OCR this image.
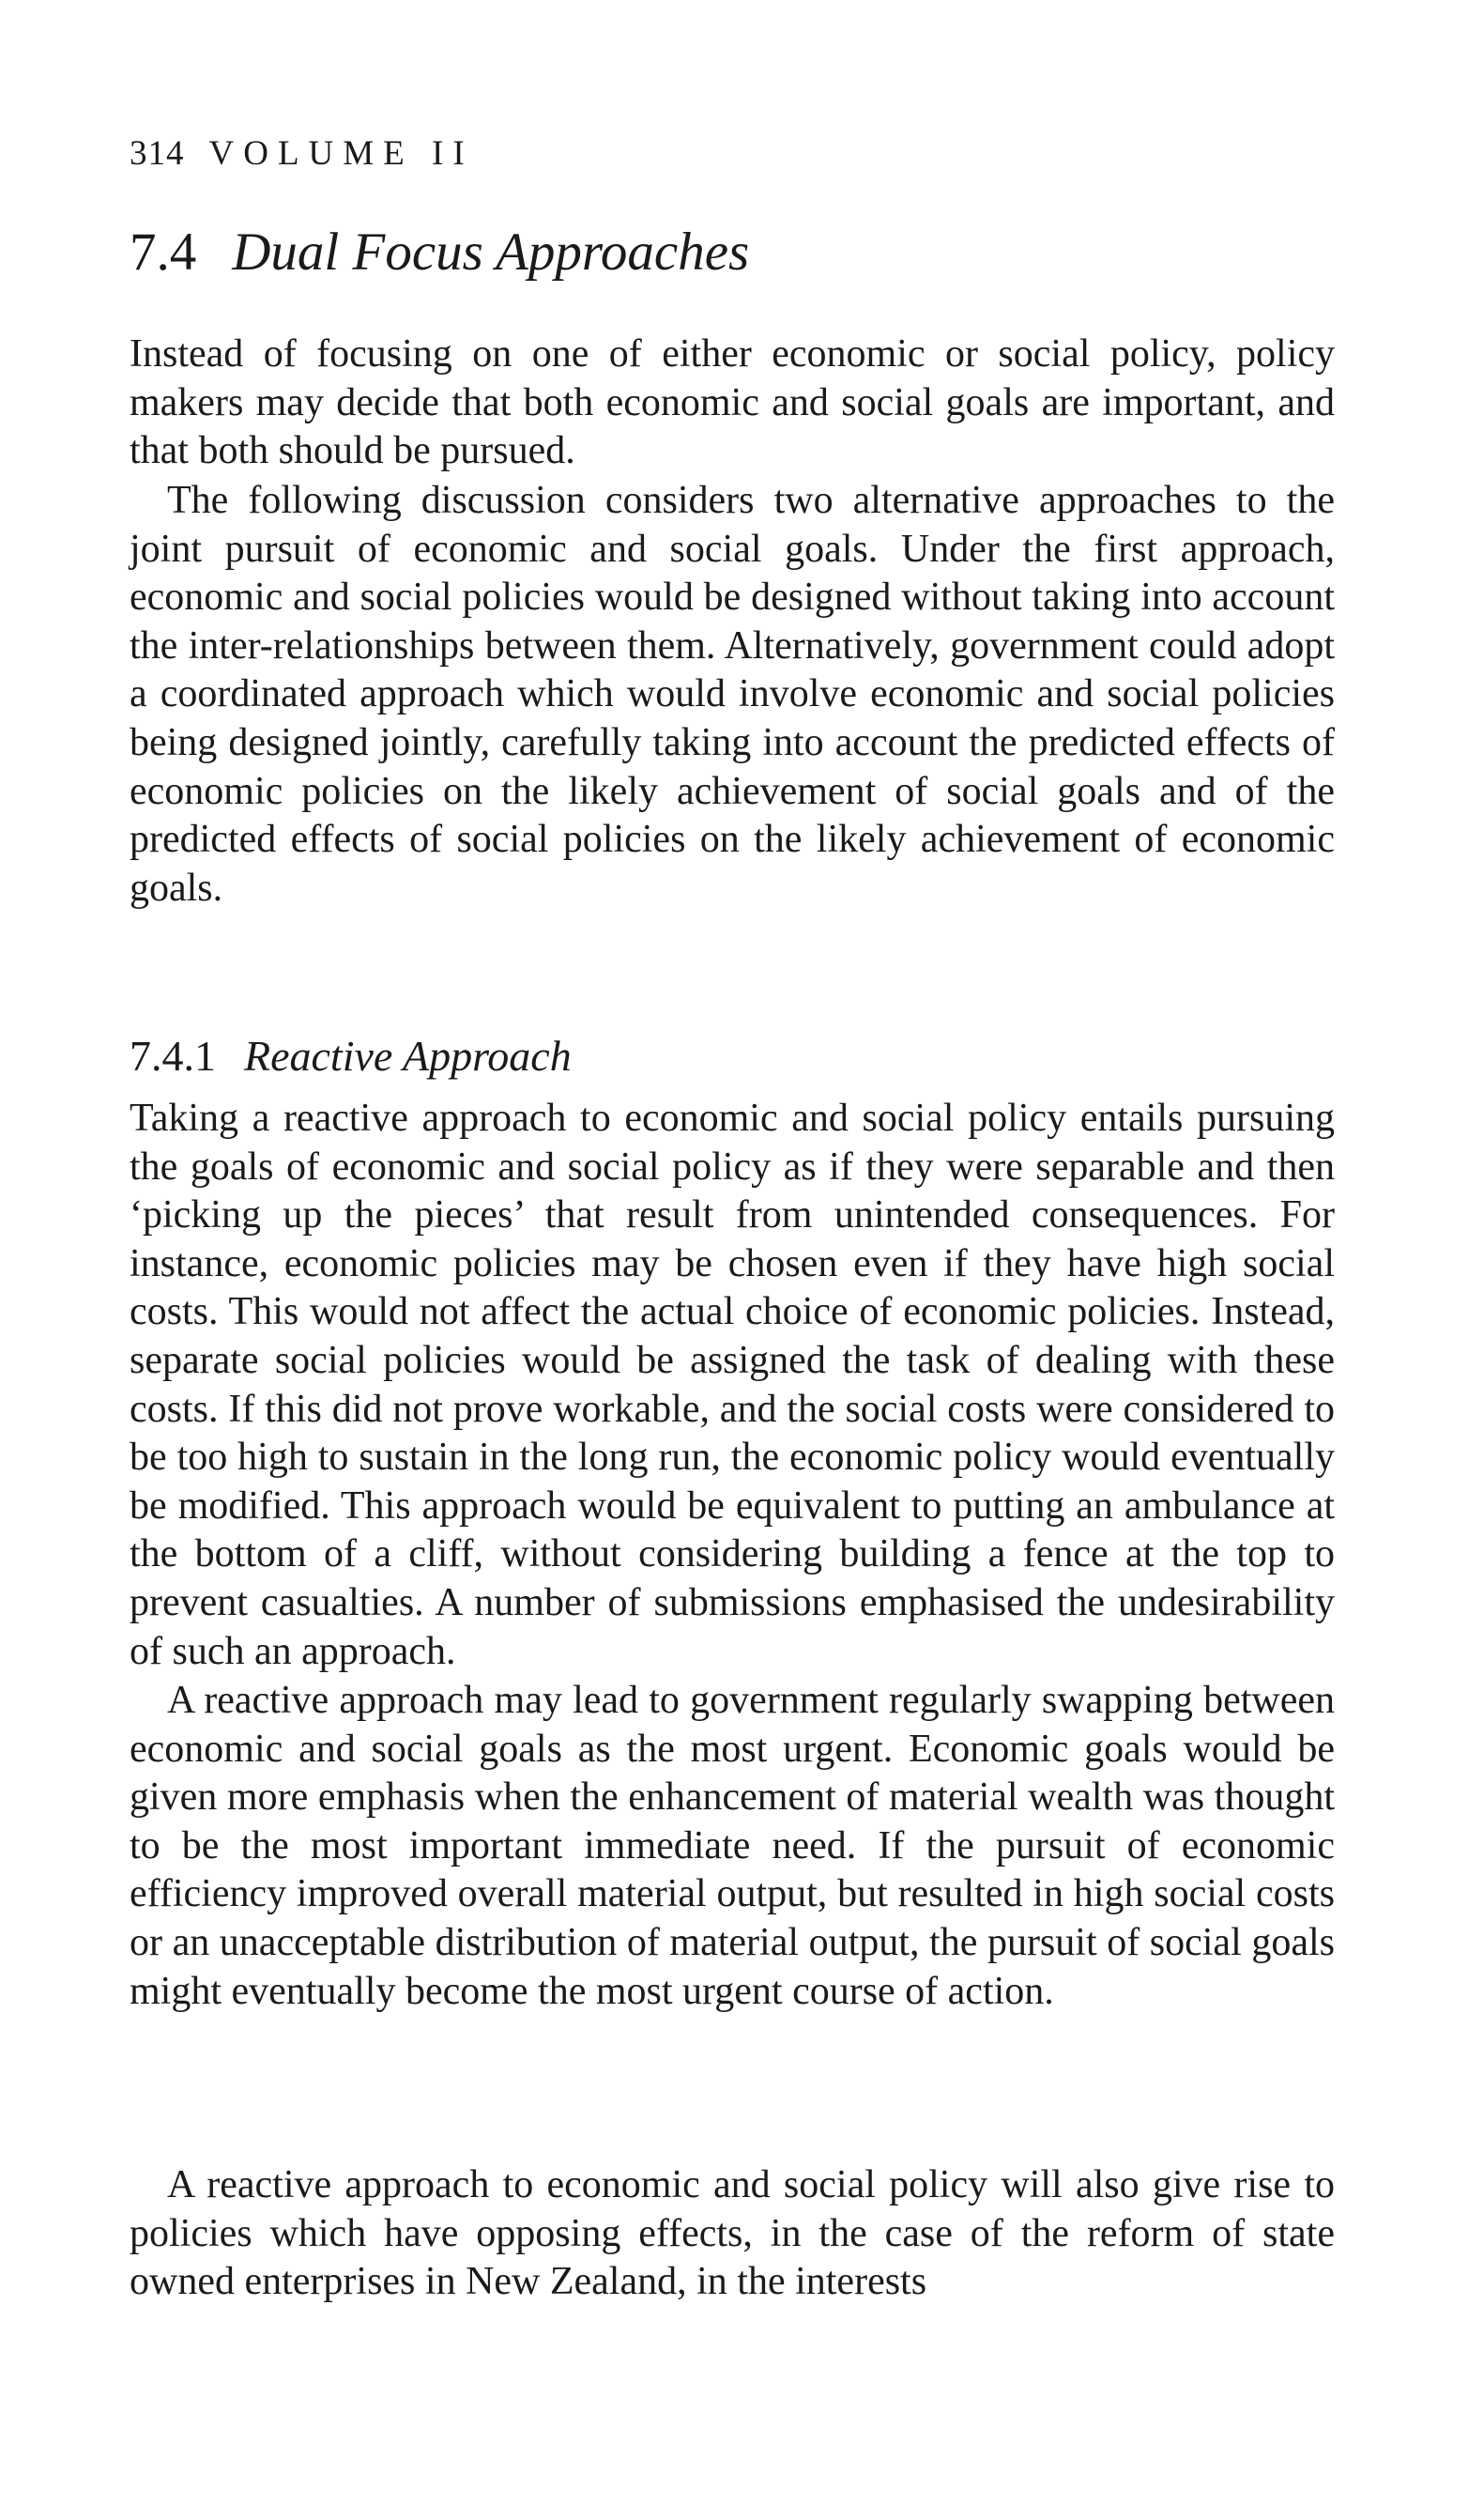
314 VOLUME II
7.4 Dual Focus Approaches

Instead of focusing on one of either economic or social policy, policy makers may decide that both economic and social goals are important, and that both should be pursued.

The following discussion considers two alternative approaches to the joint pursuit of economic and social goals. Under the first approach, economic and social policies would be designed without taking into account the inter-relationships between them. Alternatively, government could adopt a coordinated approach which would involve economic and social policies being designed jointly, carefully taking into account the predicted effects of economic policies on the likely achievement of social goals and of the predicted effects of social policies on the likely achievement of economic goals.

7.4.1 Reactive Approach

Taking a reactive approach to economic and social policy entails pursuing the goals of economic and social policy as if they were separable and then ‘picking up the pieces’ that result from unintended consequences. For instance, economic policies may be chosen even if they have high social costs. This would not affect the actual choice of economic policies. Instead, separate social policies would be assigned the task of dealing with these costs. If this did not prove workable, and the social costs were considered to be too high to sustain in the long run, the economic policy would eventually be modified. This approach would be equivalent to putting an ambulance at the bottom of a cliff, without considering building a fence at the top to prevent casualties. A number of submissions emphasised the undesirability of such an approach.

A reactive approach may lead to government regularly swapping between economic and social goals as the most urgent. Economic goals would be given more emphasis when the enhancement of material wealth was thought to be the most important immediate need. If the pursuit of economic efficiency improved overall material output, but resulted in high social costs or an unacceptable distribution of material output, the pursuit of social goals might eventually become the most urgent course of action.

A reactive approach to economic and social policy will also give rise to policies which have opposing effects, in the case of the reform of state owned enterprises in New Zealand, in the interests
